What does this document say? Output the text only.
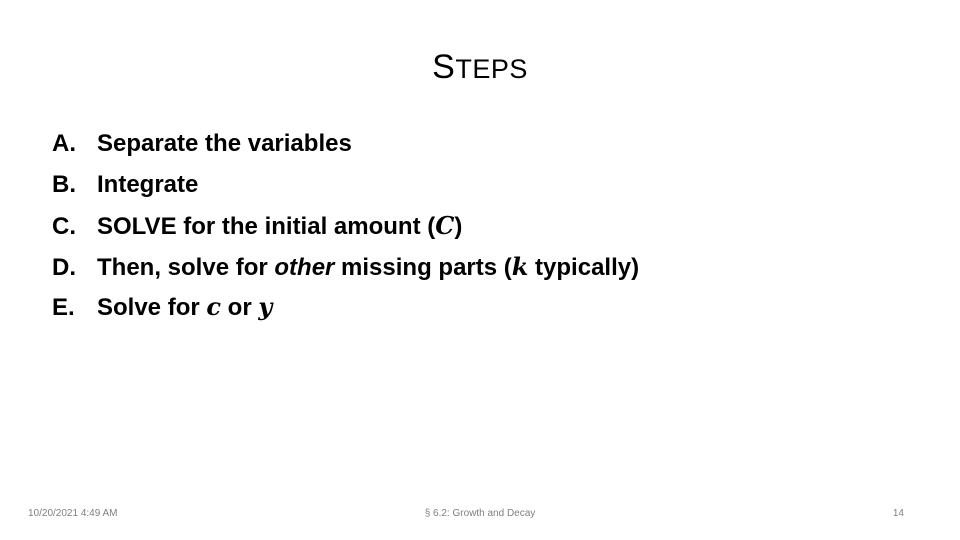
STEPS
A. Separate the variables
B. Integrate
C. SOLVE for the initial amount (C)
D. Then, solve for other missing parts (k typically)
E. Solve for c or y
10/20/2021 4:49 AM	§ 6.2: Growth and Decay	14
